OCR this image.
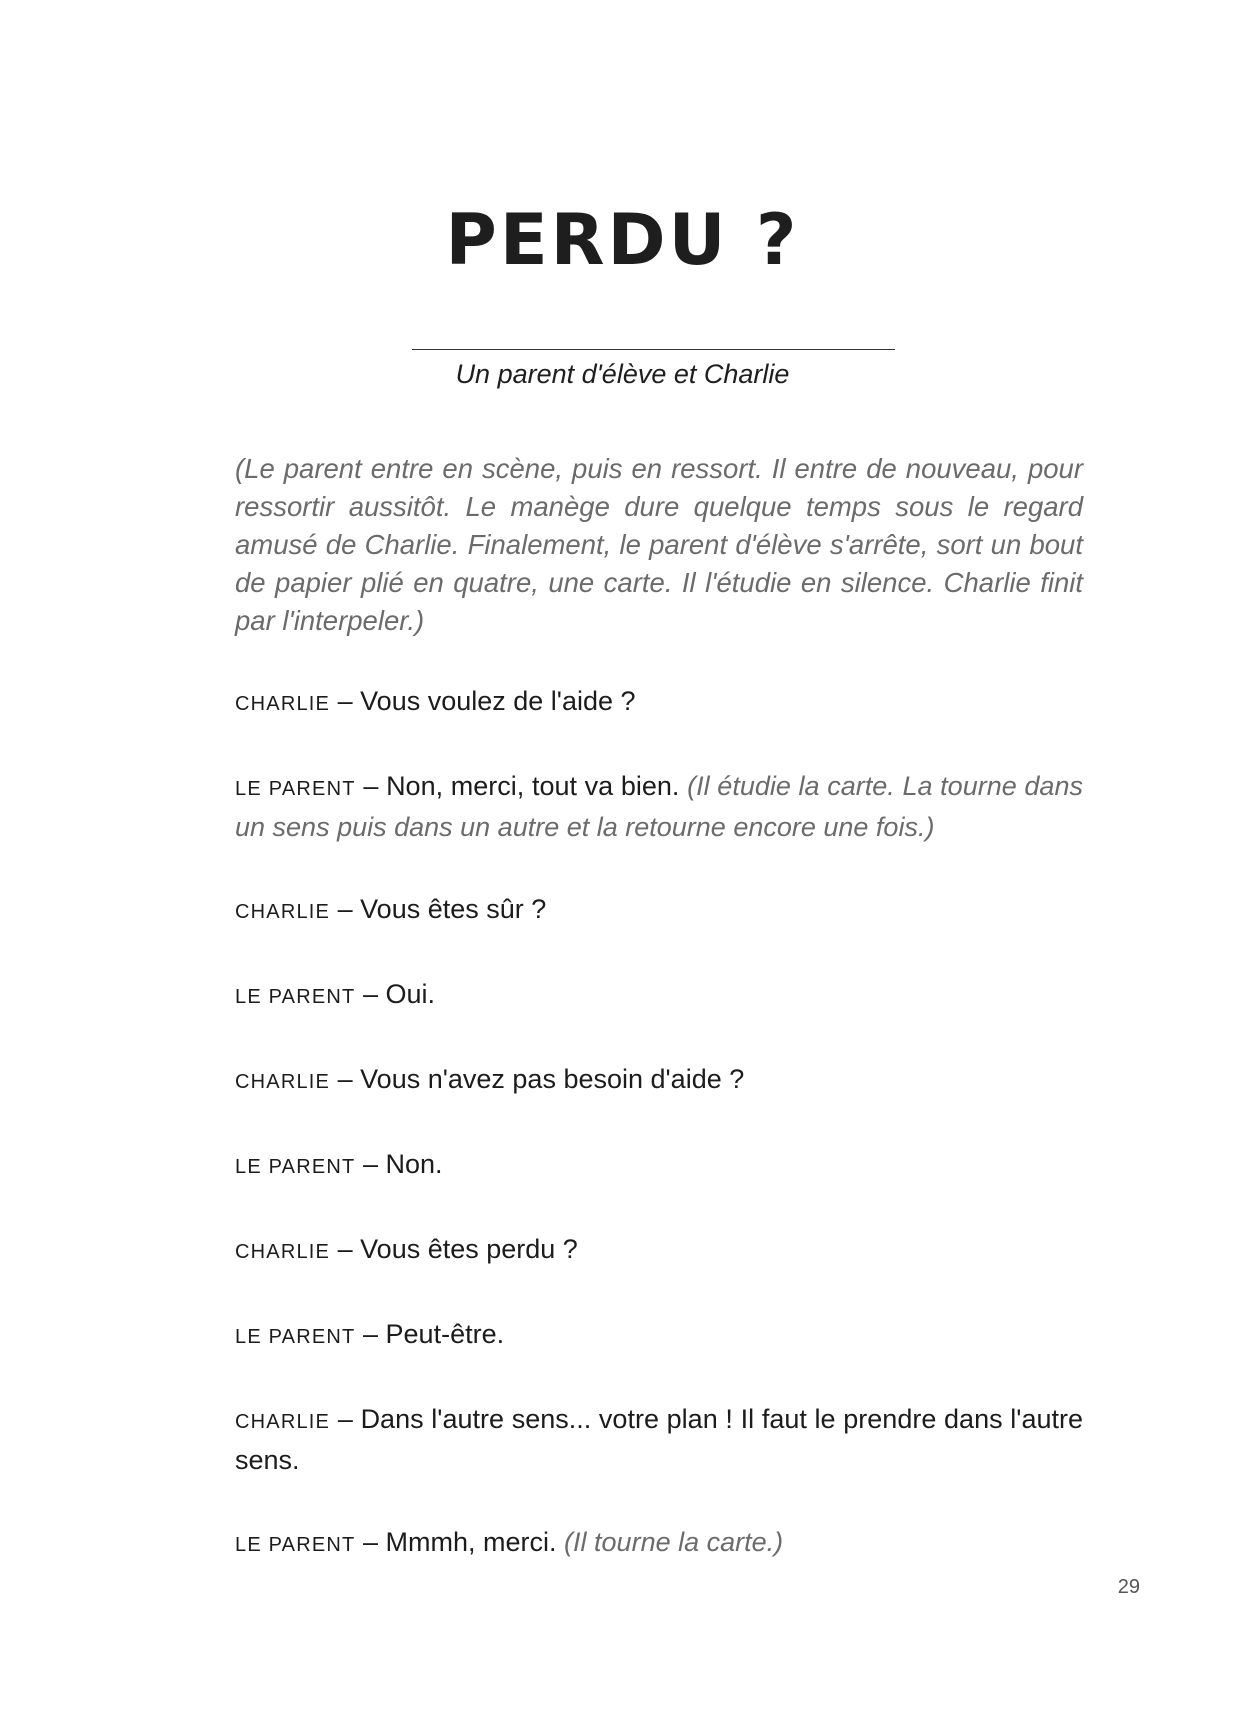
PERDU ?
Un parent d'élève et Charlie

(Le parent entre en scène, puis en ressort. Il entre de nouveau, pour ressortir aussitôt. Le manège dure quelque temps sous le regard amusé de Charlie. Finalement, le parent d'élève s'arrête, sort un bout de papier plié en quatre, une carte. Il l'étudie en silence. Charlie finit par l'interpeler.)

CHARLIE – Vous voulez de l'aide ?

LE PARENT – Non, merci, tout va bien. (Il étudie la carte. La tourne dans un sens puis dans un autre et la retourne encore une fois.)

CHARLIE – Vous êtes sûr ?

LE PARENT – Oui.

CHARLIE – Vous n'avez pas besoin d'aide ?

LE PARENT – Non.

CHARLIE – Vous êtes perdu ?

LE PARENT – Peut-être.

CHARLIE – Dans l'autre sens... votre plan ! Il faut le prendre dans l'autre sens.

LE PARENT – Mmmh, merci. (Il tourne la carte.)

29
